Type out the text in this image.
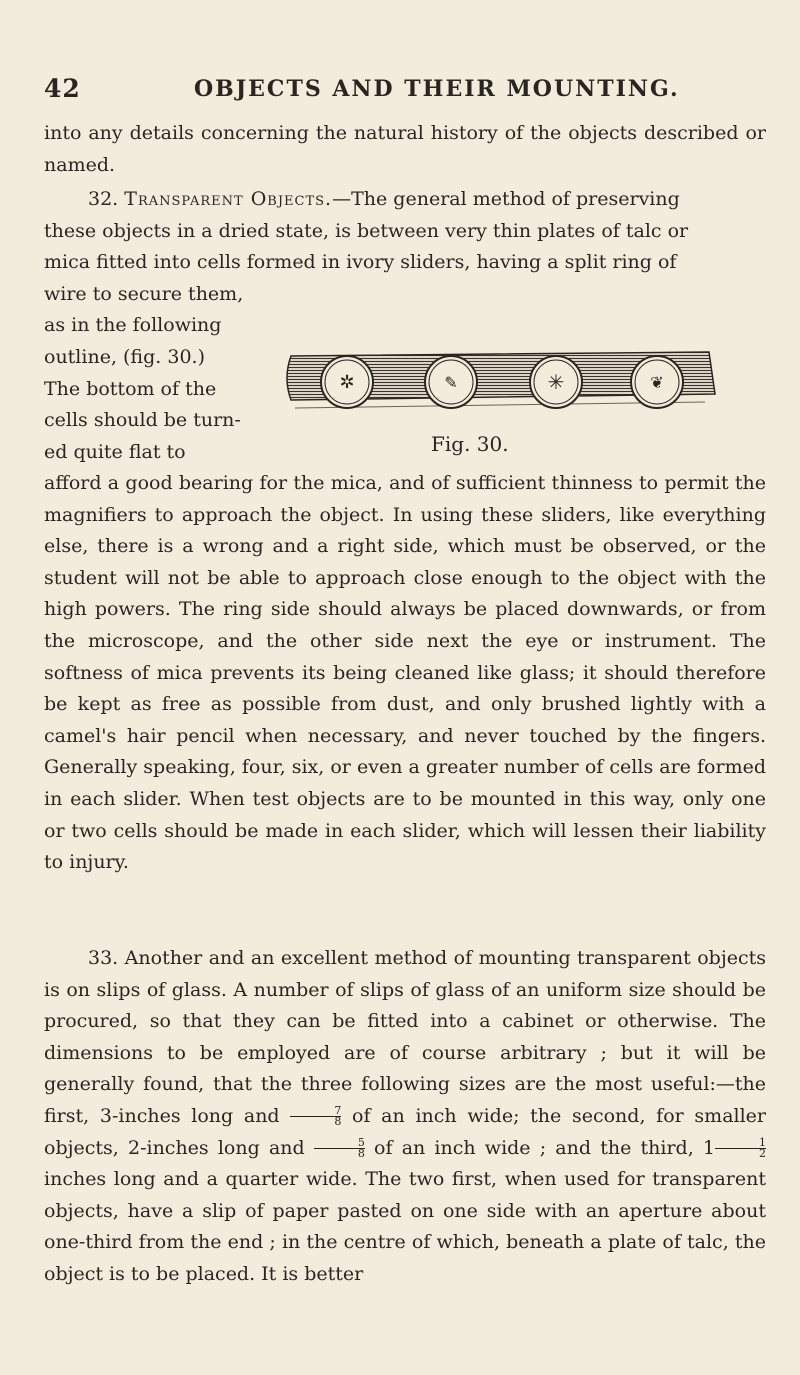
42	OBJECTS AND THEIR MOUNTING.

into any details concerning the natural history of the objects described or named.

32. Transparent Objects.—The general method of preserving

these objects in a dried state, is between very thin plates of talc or
mica fitted into cells formed in ivory sliders, having a split ring of
wire to secure them,
as in the following
outline, (fig. 30.)
The bottom of the
cells should be turn-
ed quite flat to
✲	✎	✳	❦
Fig. 30.

afford a good bearing for the mica, and of sufficient thinness to permit the magnifiers to approach the object. In using these sliders, like everything else, there is a wrong and a right side, which must be observed, or the student will not be able to approach close enough to the object with the high powers. The ring side should always be placed downwards, or from the microscope, and the other side next the eye or instrument. The softness of mica prevents its being cleaned like glass; it should therefore be kept as free as possible from dust, and only brushed lightly with a camel's hair pencil when necessary, and never touched by the fingers. Generally speaking, four, six, or even a greater number of cells are formed in each slider. When test objects are to be mounted in this way, only one or two cells should be made in each slider, which will lessen their liability to injury.

33. Another and an excellent method of mounting transparent objects is on slips of glass. A number of slips of glass of an uniform size should be procured, so that they can be fitted into a cabinet or otherwise. The dimensions to be employed are of course arbitrary ; but it will be generally found, that the three following sizes are the most useful:—the first, 3-inches long and $\frac{7}{8}$ of an inch wide; the second, for smaller objects, 2-inches long and $\frac{5}{8}$ of an inch wide ; and the third, $1 \frac{1}{2}$
inches long and a quarter wide. The two first, when used for transparent objects, have a slip of paper pasted on one side with an aperture about one-third from the end ; in the centre of which, beneath a plate of talc, the object is to be placed. It is better
